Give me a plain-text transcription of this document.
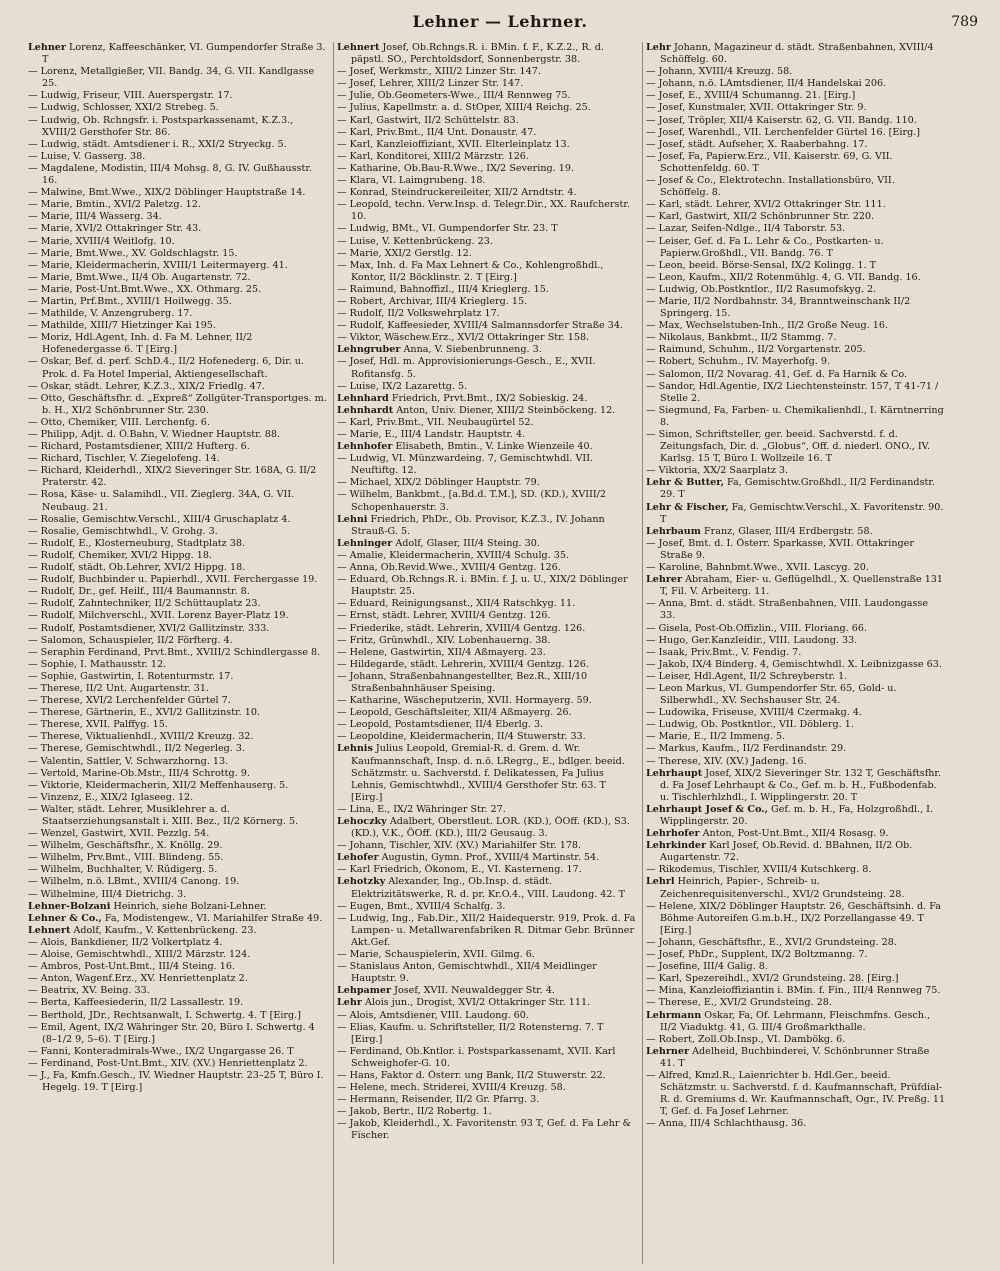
Lehner — Lehrner.	789

Lehner Lorenz, Kaffeeschänker, VI. Gumpendorfer Straße 3. T

— Lorenz, Metallgießer, VII. Bandg. 34, G. VII. Kandlgasse 25.

— Ludwig, Friseur, VIII. Auerspergstr. 17.

— Ludwig, Schlosser, XXI/2 Strebeg. 5.

— Ludwig, Ob. Rchngsfr. i. Postsparkassenamt, K.Z.3., XVIII/2 Gersthofer Str. 86.

— Ludwig, städt. Amtsdiener i. R., XXI/2 Stryeckg. 5.

— Luise, V. Gasserg. 38.

— Magdalene, Modistin, III/4 Mohsg. 8, G. IV. Gußhausstr. 16.

— Malwine, Bmt.Wwe., XIX/2 Döblinger Hauptstraße 14.

— Marie, Bmtin., XVI/2 Paletzg. 12.

— Marie, III/4 Wasserg. 34.

— Marie, XVI/2 Ottakringer Str. 43.

— Marie, XVIII/4 Weitlofg. 10.

— Marie, Bmt.Wwe., XV. Goldschlagstr. 15.

— Marie, Kleidermacherin, XVIII/1 Leitermayerg. 41.

— Marie, Bmt.Wwe., II/4 Ob. Augartenstr. 72.

— Marie, Post-Unt.Bmt.Wwe., XX. Othmarg. 25.

— Martin, Prf.Bmt., XVIII/1 Hoilwegg. 35.

— Mathilde, V. Anzengruberg. 17.

— Mathilde, XIII/7 Hietzinger Kai 195.

— Moriz, Hdl.Agent, Inh. d. Fa M. Lehner, II/2 Hofenedergasse 6. T [Eirg.]

— Oskar, Bef. d. perf. SchD.4., II/2 Hofenederg. 6, Dir. u. Prok. d. Fa Hotel Imperial, Aktiengesellschaft.

— Oskar, städt. Lehrer, K.Z.3., XIX/2 Friedlg. 47.

— Otto, Geschäftsfhr. d. „Expreß“ Zollgüter-Transportges. m. b. H., XI/2 Schönbrunner Str. 230.

— Otto, Chemiker, VIII. Lerchenfg. 6.

— Philipp, Adjt. d. Ö.Bahn, V. Wiedner Hauptstr. 88.

— Richard, Postamtsdiener, XIII/2 Hufterg. 6.

— Richard, Tischler, V. Ziegelofeng. 14.

— Richard, Kleiderhdl., XIX/2 Sieveringer Str. 168A, G. II/2 Praterstr. 42.

— Rosa, Käse- u. Salamihdl., VII. Zieglerg. 34A, G. VII. Neubaug. 21.

— Rosalie, Gemischtw.Verschl., XIII/4 Gruschaplatz 4.

— Rosalie, Gemischtwhdl., V. Grohg. 3.

— Rudolf, E., Klosterneuburg, Stadtplatz 38.

— Rudolf, Chemiker, XVI/2 Hippg. 18.

— Rudolf, städt. Ob.Lehrer, XVI/2 Hippg. 18.

— Rudolf, Buchbinder u. Papierhdl., XVII. Ferchergasse 19.

— Rudolf, Dr., gef. Heilf., III/4 Baumannstr. 8.

— Rudolf, Zahntechniker, II/2 Schüttauplatz 23.

— Rudolf, Milchverschl., XVII. Lorenz Bayer-Platz 19.

— Rudolf, Postamtsdiener, XVI/2 Gallitzinstr. 333.

— Salomon, Schauspieler, II/2 Förfterg. 4.

— Seraphin Ferdinand, Prvt.Bmt., XVIII/2 Schindlergasse 8.

— Sophie, I. Mathausstr. 12.

— Sophie, Gastwirtin, I. Rotenturmstr. 17.

— Therese, II/2 Unt. Augartenstr. 31.

— Therese, XVI/2 Lerchenfelder Gürtel 7.

— Therese, Gärtnerin, E., XVI/2 Gallitzinstr. 10.

— Therese, XVII. Palffyg. 15.

— Therese, Viktualienhdl., XVIII/2 Kreuzg. 32.

— Therese, Gemischtwhdl., II/2 Negerleg. 3.

— Valentin, Sattler, V. Schwarzhorng. 13.

— Vertold, Marine-Ob.Mstr., III/4 Schrottg. 9.

— Viktorie, Kleidermacherin, XII/2 Meffenhauserg. 5.

— Vinzenz, E., XIX/2 Iglaseeg. 12.

— Walter, städt. Lehrer, Musiklehrer a. d. Staatserziehungsanstalt i. XIII. Bez., II/2 Körnerg. 5.

— Wenzel, Gastwirt, XVII. Pezzlg. 54.

— Wilhelm, Geschäftsfhr., X. Knöllg. 29.

— Wilhelm, Prv.Bmt., VIII. Blindeng. 55.

— Wilhelm, Buchhalter, V. Rüdigerg. 5.

— Wilhelm, n.ö. LBmt., XVIII/4 Canong. 19.

— Wilhelmine, III/4 Dietrichg. 3.

Lehner-Bolzani Heinrich, siehe Bolzani-Lehner.

Lehner & Co., Fa, Modistengew., VI. Mariahilfer Straße 49.

Lehnert Adolf, Kaufm., V. Kettenbrückeng. 23.

— Alois, Bankdiener, II/2 Volkertplatz 4.

— Aloise, Gemischtwhdl., XIII/2 Märzstr. 124.

— Ambros, Post-Unt.Bmt., III/4 Steing. 16.

— Anton, Wagenf.Erz., XV. Henriettenplatz 2.

— Beatrix, XV. Being. 33.

— Berta, Kaffeesiederin, II/2 Lassallestr. 19.

— Berthold, JDr., Rechtsanwalt, I. Schwertg. 4. T [Eirg.]

— Emil, Agent, IX/2 Währinger Str. 20, Büro I. Schwertg. 4 (8–1/2 9, 5–6). T [Eirg.]

— Fanni, Konteradmirals-Wwe., IX/2 Ungargasse 26. T

— Ferdinand, Post-Unt.Bmt., XIV. (XV.) Henriettenplatz 2.

— J., Fa, Kmfn.Gesch., IV. Wiedner Hauptstr. 23–25 T, Büro I. Hegelg. 19. T [Eirg.]

Lehnert Josef, Ob.Rchngs.R. i. BMin. f. F., K.Z.2., R. d. päpstl. SO., Perchtoldsdorf, Sonnenbergstr. 38.

— Josef, Werkmstr., XIII/2 Linzer Str. 147.

— Josef, Lehrer, XIII/2 Linzer Str. 147.

— Julie, Ob.Geometers-Wwe., III/4 Rennweg 75.

— Julius, Kapellmstr. a. d. StOper, XIII/4 Reichg. 25.

— Karl, Gastwirt, II/2 Schüttelstr. 83.

— Karl, Priv.Bmt., II/4 Unt. Donaustr. 47.

— Karl, Kanzleioffiziant, XVII. Elterleinplatz 13.

— Karl, Konditorei, XIII/2 Märzstr. 126.

— Katharine, Ob.Bau-R.Wwe., IX/2 Severing. 19.

— Klara, VI. Laimgrubeng. 18.

— Konrad, Steindruckereileiter, XII/2 Arndtstr. 4.

— Leopold, techn. Verw.Insp. d. Telegr.Dir., XX. Raufcherstr. 10.

— Ludwig, BMt., VI. Gumpendorfer Str. 23. T

— Luise, V. Kettenbrückeng. 23.

— Marie, XXI/2 Gerstlg. 12.

— Max, Inh. d. Fa Max Lehnert & Co., Kohlengroßhdl., Kontor, II/2 Böcklinstr. 2. T [Eirg.]

— Raimund, Bahnoffizl., III/4 Krieglerg. 15.

— Robert, Archivar, III/4 Krieglerg. 15.

— Rudolf, II/2 Volkswehrplatz 17.

— Rudolf, Kaffeesieder, XVIII/4 Salmannsdorfer Straße 34.

— Viktor, Wäschew.Erz., XVI/2 Ottakringer Str. 158.

Lehngruber Anna, V. Siebenbrunneng. 3.

— Josef, Hdl. m. Approvisionierungs-Gesch., E., XVII. Rofitansfg. 5.

— Luise, IX/2 Lazarettg. 5.

Lehnhard Friedrich, Prvt.Bmt., IX/2 Sobieskig. 24.

Lehnhardt Anton, Univ. Diener, XIII/2 Steinböckeng. 12.

— Karl, Priv.Bmt., VII. Neubaugürtel 52.

— Marie, E., III/4 Landstr. Hauptstr. 4.

Lehnhofer Elisabeth, Bmtin., V. Linke Wienzeile 40.

— Ludwig, VI. Münzwardeing. 7, Gemischtwhdl. VII. Neuftiftg. 12.

— Michael, XIX/2 Döblinger Hauptstr. 79.

— Wilhelm, Bankbmt., [a.Bd.d. T.M.], SD. (KD.), XVIII/2 Schopenhauerstr. 3.

Lehni Friedrich, PhDr., Ob. Provisor, K.Z.3., IV. Johann Strauß-G. 5.

Lehninger Adolf, Glaser, III/4 Steing. 30.

— Amalie, Kleidermacherin, XVIII/4 Schulg. 35.

— Anna, Ob.Revid.Wwe., XVIII/4 Gentzg. 126.

— Eduard, Ob.Rchngs.R. i. BMin. f. J. u. U., XIX/2 Döblinger Hauptstr. 25.

— Eduard, Reinigungsanst., XII/4 Ratschkyg. 11.

— Ernst, städt. Lehrer, XVIII/4 Gentzg. 126.

— Friederike, städt. Lehrerin, XVIII/4 Gentzg. 126.

— Fritz, Grünwhdl., XIV. Lobenhauerng. 38.

— Helene, Gastwirtin, XII/4 Aßmayerg. 23.

— Hildegarde, städt. Lehrerin, XVIII/4 Gentzg. 126.

— Johann, Straßenbahnangestellter, Bez.R., XIII/10 Straßenbahnhäuser Speising.

— Katharine, Wäscheputzerin, XVII. Hormayerg. 59.

— Leopold, Geschäftsleiter, XII/4 Aßmayerg. 26.

— Leopold, Postamtsdiener, II/4 Eberlg. 3.

— Leopoldine, Kleidermacherin, II/4 Stuwerstr. 33.

Lehnis Julius Leopold, Gremial-R. d. Grem. d. Wr. Kaufmannschaft, Insp. d. n.ö. LRegrg., E., bdlger. beeid. Schätzmstr. u. Sachverstd. f. Delikatessen, Fa Julius Lehnis, Gemischtwhdl., XVIII/4 Gersthofer Str. 63. T [Eirg.]

— Lina, E., IX/2 Währinger Str. 27.

Lehoczky Adalbert, Oberstleut. LOR. (KD.), ÖOff. (KD.), S3. (KD.), V.K., ÖOff. (KD.), III/2 Geusaug. 3.

— Johann, Tischler, XIV. (XV.) Mariahilfer Str. 178.

Lehofer Augustin, Gymn. Prof., XVIII/4 Martinstr. 54.

— Karl Friedrich, Ökonom, E., VI. Kasterneng. 17.

Lehotzky Alexander, Ing., Ob.Insp. d. städt. Elektrizitätswerke, R. d. pr. Kr.O.4., VIII. Laudong. 42. T

— Eugen, Bmt., XVIII/4 Schalfg. 3.

— Ludwig, Ing., Fab.Dir., XII/2 Haidequerstr. 919, Prok. d. Fa Lampen- u. Metallwarenfabriken R. Ditmar Gebr. Brünner Akt.Gef.

— Marie, Schauspielerin, XVII. Gilmg. 6.

— Stanislaus Anton, Gemischtwhdl., XII/4 Meidlinger Hauptstr. 9.

Lehpamer Josef, XVII. Neuwaldegger Str. 4.

Lehr Alois jun., Drogist, XVI/2 Ottakringer Str. 111.

— Alois, Amtsdiener, VIII. Laudong. 60.

— Elias, Kaufm. u. Schriftsteller, II/2 Rotensterng. 7. T [Eirg.]

— Ferdinand, Ob.Kntlor. i. Postsparkassenamt, XVII. Karl Schweighofer-G. 10.

— Hans, Faktor d. Österr. ung Bank, II/2 Stuwerstr. 22.

— Helene, mech. Striderei, XVIII/4 Kreuzg. 58.

— Hermann, Reisender, II/2 Gr. Pfarrg. 3.

— Jakob, Bertr., II/2 Robertg. 1.

— Jakob, Kleiderhdl., X. Favoritenstr. 93 T, Gef. d. Fa Lehr & Fischer.

Lehr Johann, Magazineur d. städt. Straßenbahnen, XVIII/4 Schöffelg. 60.

— Johann, XVIII/4 Kreuzg. 58.

— Johann, n.ö. LAmtsdiener, II/4 Handelskai 206.

— Josef, E., XVIII/4 Schumanng. 21. [Eirg.]

— Josef, Kunstmaler, XVII. Ottakringer Str. 9.

— Josef, Tröpler, XII/4 Kaiserstr. 62, G. VII. Bandg. 110.

— Josef, Warenhdl., VII. Lerchenfelder Gürtel 16. [Eirg.]

— Josef, städt. Aufseher, X. Raaberbahng. 17.

— Josef, Fa, Papierw.Erz., VII. Kaiserstr. 69, G. VII. Schottenfeldg. 60. T

— Josef & Co., Elektrotechn. Installationsbüro, VII. Schöffelg. 8.

— Karl, städt. Lehrer, XVI/2 Ottakringer Str. 111.

— Karl, Gastwirt, XII/2 Schönbrunner Str. 220.

— Lazar, Seifen-Ndlge., II/4 Taborstr. 53.

— Leiser, Gef. d. Fa L. Lehr & Co., Postkarten- u. Papierw.Großhdl., VII. Bandg. 76. T

— Leon, beeid. Börse-Sensal, IX/2 Kolingg. 1. T

— Leon, Kaufm., XII/2 Rotenmühlg. 4, G. VII. Bandg. 16.

— Ludwig, Ob.Postkntlor., II/2 Rasumofskyg. 2.

— Marie, II/2 Nordbahnstr. 34, Branntweinschank II/2 Springerg. 15.

— Max, Wechselstuben-Inh., II/2 Große Neug. 16.

— Nikolaus, Bankbmt., II/2 Stammg. 7.

— Raimund, Schuhm., II/2 Vorgartenstr. 205.

— Robert, Schuhm., IV. Mayerhofg. 9.

— Salomon, II/2 Novarag. 41, Gef. d. Fa Harnik & Co.

— Sandor, Hdl.Agentie, IX/2 Liechtensteinstr. 157, T 41-71 / Stelle 2.

— Siegmund, Fa, Farben- u. Chemikalienhdl., I. Kärntnerring 8.

— Simon, Schriftsteller, ger. beeid. Sachverstd. f. d. Zeitungsfach, Dir. d. „Globus“, Off. d. niederl. ONO., IV. Karlsg. 15 T, Büro I. Wollzeile 16. T

— Viktoria, XX/2 Saarplatz 3.

Lehr & Butter, Fa, Gemischtw.Großhdl., II/2 Ferdinandstr. 29. T

Lehr & Fischer, Fa, Gemischtw.Verschl., X. Favoritenstr. 90. T

Lehrbaum Franz, Glaser, III/4 Erdbergstr. 58.

— Josef, Bmt. d. I. Österr. Sparkasse, XVII. Ottakringer Straße 9.

— Karoline, Bahnbmt.Wwe., XVII. Lascyg. 20.

Lehrer Abraham, Eier- u. Geflügelhdl., X. Quellenstraße 131 T, Fil. V. Arbeiterg. 11.

— Anna, Bmt. d. städt. Straßenbahnen, VIII. Laudongasse 33.

— Gisela, Post-Ob.Offizlin., VIII. Floriang. 66.

— Hugo, Ger.Kanzleidir., VIII. Laudong. 33.

— Isaak, Priv.Bmt., V. Fendig. 7.

— Jakob, IX/4 Binderg. 4, Gemischtwhdl. X. Leibnizgasse 63.

— Leiser, Hdl.Agent, II/2 Schreyberstr. 1.

— Leon Markus, VI. Gumpendorfer Str. 65, Gold- u. Silberwhdl., XV. Sechshauser Str. 24.

— Ludowika, Friseuse, XVIII/4 Czermakg. 4.

— Ludwig, Ob. Postkntlor., VII. Döblerg. 1.

— Marie, E., II/2 Immeng. 5.

— Markus, Kaufm., II/2 Ferdinandstr. 29.

— Therese, XIV. (XV.) Jadeng. 16.

Lehrhaupt Josef, XIX/2 Sieveringer Str. 132 T, Geschäftsfhr. d. Fa Josef Lehrhaupt & Co., Gef. m. b. H., Fußbodenfab. u. Tischlerhlzhdl., I. Wipplingerstr. 20. T

Lehrhaupt Josef & Co., Gef. m. b. H., Fa, Holzgroßhdl., I. Wipplingerstr. 20.

Lehrhofer Anton, Post-Unt.Bmt., XII/4 Rosasg. 9.

Lehrkinder Karl Josef, Ob.Revid. d. BBahnen, II/2 Ob. Augartenstr. 72.

— Rikodemus, Tischler, XVIII/4 Kutschkerg. 8.

Lehrl Heinrich, Papier-, Schreib- u. Zeichenrequisitenverschl., XVI/2 Grundsteing. 28.

— Helene, XIX/2 Döblinger Hauptstr. 26, Geschäftsinh. d. Fa Böhme Autoreifen G.m.b.H., IX/2 Porzellangasse 49. T [Eirg.]

— Johann, Geschäftsfhr., E., XVI/2 Grundsteing. 28.

— Josef, PhDr., Supplent, IX/2 Boltzmanng. 7.

— Josefine, III/4 Galig. 8.

— Karl, Spezereihdl., XVI/2 Grundsteing. 28. [Eirg.]

— Mina, Kanzleioffiziantin i. BMin. f. Fin., III/4 Rennweg 75.

— Therese, E., XVI/2 Grundsteing. 28.

Lehrmann Oskar, Fa, Of. Lehrmann, Fleischmfns. Gesch., II/2 Viaduktg. 41, G. III/4 Großmarkthalle.

— Robert, Zoll.Ob.Insp., VI. Dambökg. 6.

Lehrner Adelheid, Buchbinderei, V. Schönbrunner Straße 41. T

— Alfred, Kmzl.R., Laienrichter b. Hdl.Ger., beeid. Schätzmstr. u. Sachverstd. f. d. Kaufmannschaft, Prüfdial-R. d. Gremiums d. Wr. Kaufmannschaft, Ogr., IV. Preßg. 11 T, Gef. d. Fa Josef Lehrner.

— Anna, III/4 Schlachthausg. 36.
